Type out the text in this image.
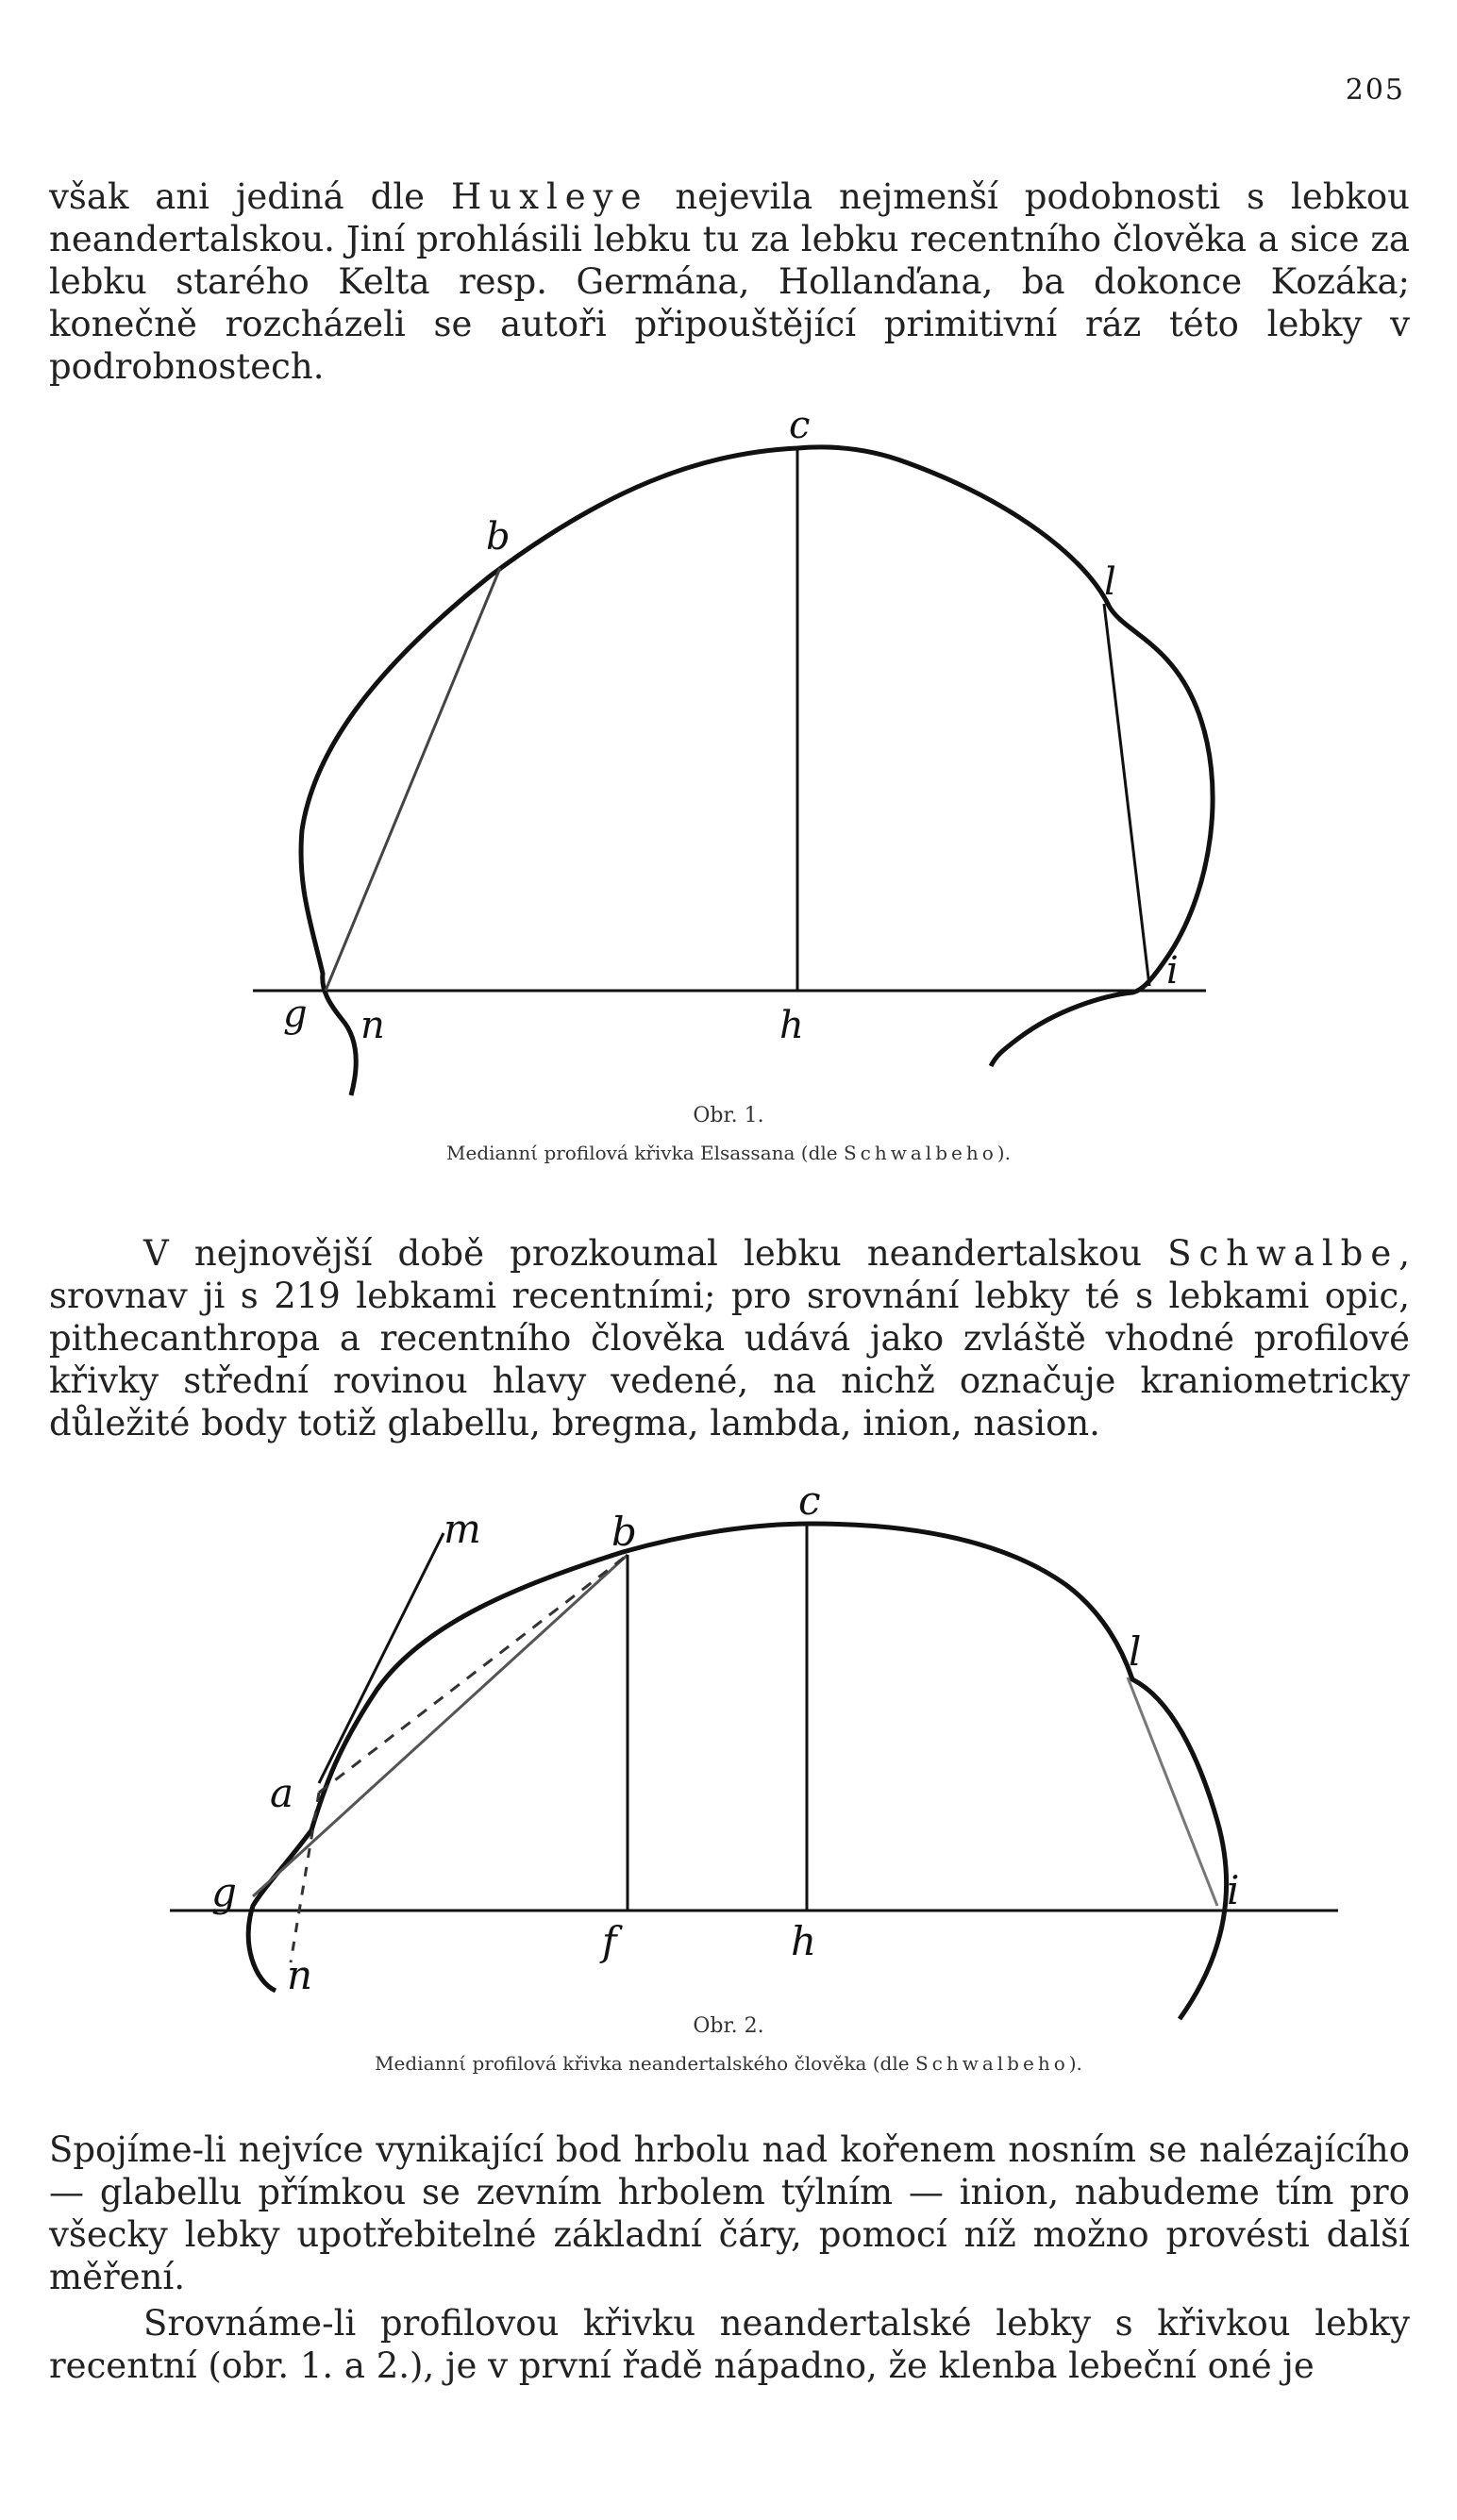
205

však ani jediná dle Huxleye nejevila nejmenší podobnosti s lebkou neandertalskou. Jiní prohlásili lebku tu za lebku recentního člověka a sice za lebku starého Kelta resp. Germána, Hollanďana, ba dokonce Kozáka; konečně rozcházeli se autoři připouštějící primitivní ráz této lebky v podrobnostech.

c
b
l
g n	h
i
Obr. 1.
Mediannί profilová křivka Elsassana (dle Schwalbeho).

V nejnovější době prozkoumal lebku neandertalskou Schwalbe, srovnav ji s 219 lebkami recentními; pro srovnání lebky té s lebkami opic, pithecanthropa a recentního člověka udává jako zvláště vhodné profilové křivky střední rovinou hlavy vedené, na nichž označuje kraniometricky důležité body totiž glabellu, bregma, lambda, inion, nasion.

m	b
c
l
a
g
f	h
i
n
Obr. 2.
Mediannί profilová křivka neandertalského člověka (dle Schwalbeho).

Spojíme-li nejvíce vynikající bod hrbolu nad kořenem nosním se nalézajícího — glabellu přímkou se zevním hrbolem týlním — inion, nabudeme tím pro všecky lebky upotřebitelné základní čáry, pomocí níž možno provésti další měření.

Srovnáme-li profilovou křivku neandertalské lebky s křivkou lebky recentní (obr. 1. a 2.), je v první řadě nápadno, že klenba lebeční oné je
